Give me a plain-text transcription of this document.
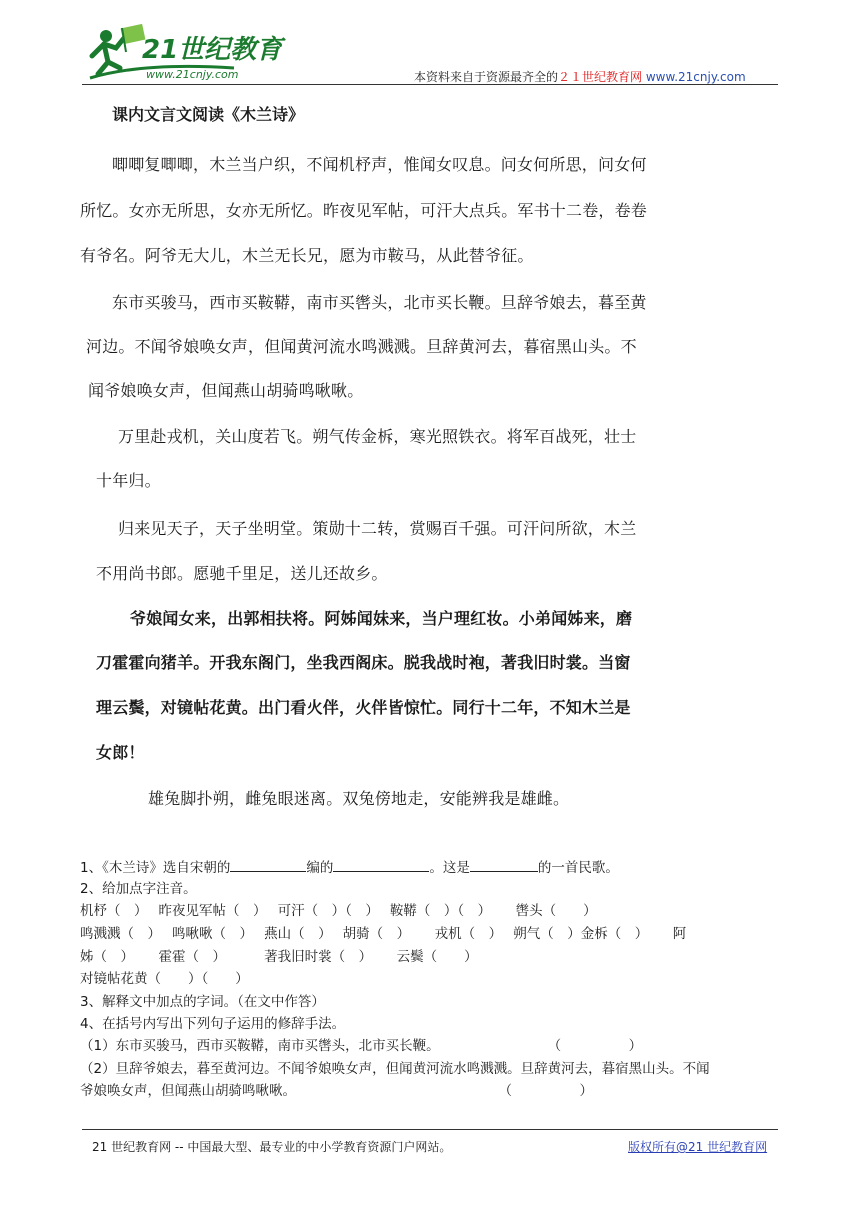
21世纪教育
www.21cnjy.com	本资料来自于资源最齐全的２１世纪教育网 www.21cnjy.com
课内文言文阅读《木兰诗》
唧唧复唧唧，木兰当户织，不闻机杼声，惟闻女叹息。问女何所思，问女何
所忆。女亦无所思，女亦无所忆。昨夜见军帖，可汗大点兵。军书十二卷，卷卷
有爷名。阿爷无大儿，木兰无长兄，愿为市鞍马，从此替爷征。
东市买骏马，西市买鞍鞯，南市买辔头，北市买长鞭。旦辞爷娘去，暮至黄
河边。不闻爷娘唤女声，但闻黄河流水鸣溅溅。旦辞黄河去，暮宿黑山头。不
闻爷娘唤女声，但闻燕山胡骑鸣啾啾。
万里赴戎机，关山度若飞。朔气传金柝，寒光照铁衣。将军百战死，壮士
十年归。
归来见天子，天子坐明堂。策勋十二转，赏赐百千强。可汗问所欲，木兰
不用尚书郎。愿驰千里足，送儿还故乡。
爷娘闻女来，出郭相扶将。阿姊闻妹来，当户理红妆。小弟闻姊来，磨
刀霍霍向猪羊。开我东阁门，坐我西阁床。脱我战时袍，著我旧时裳。当窗
理云鬓，对镜帖花黄。出门看火伴，火伴皆惊忙。同行十二年，不知木兰是
女郎！
雄兔脚扑朔，雌兔眼迷离。双兔傍地走，安能辨我是雄雌。
1、《木兰诗》选自宋朝的	编的	。这是	的一首民歌。
2、给加点字注音。
机杼（　）　 昨夜见军帖（　）　 可汗（　）（　）　 鞍鞯（　）（　）　　 辔头（　　）
鸣溅溅（　）　 鸣啾啾（　）　 燕山（　）　 胡骑（　）　　 戎机（　）　 朔气（　）金柝（　）　　 阿
姊（　）　　 霍霍（　）　　　 著我旧时裳（　）　　 云鬓（　　）
对镜帖花黄（　　）（　　）
3、解释文中加点的字词。（在文中作答）
4、在括号内写出下列句子运用的修辞手法。
（1）东市买骏马，西市买鞍鞯，南市买辔头，北市买长鞭。　　　　　　　　　（　　　　　）
（2）旦辞爷娘去，暮至黄河边。不闻爷娘唤女声，但闻黄河流水鸣溅溅。旦辞黄河去，暮宿黑山头。不闻
爷娘唤女声，但闻燕山胡骑鸣啾啾。　　　　　　　　　　　　　　　　（　　　　　）
21 世纪教育网 -- 中国最大型、最专业的中小学教育资源门户网站。	版权所有@21 世纪教育网
